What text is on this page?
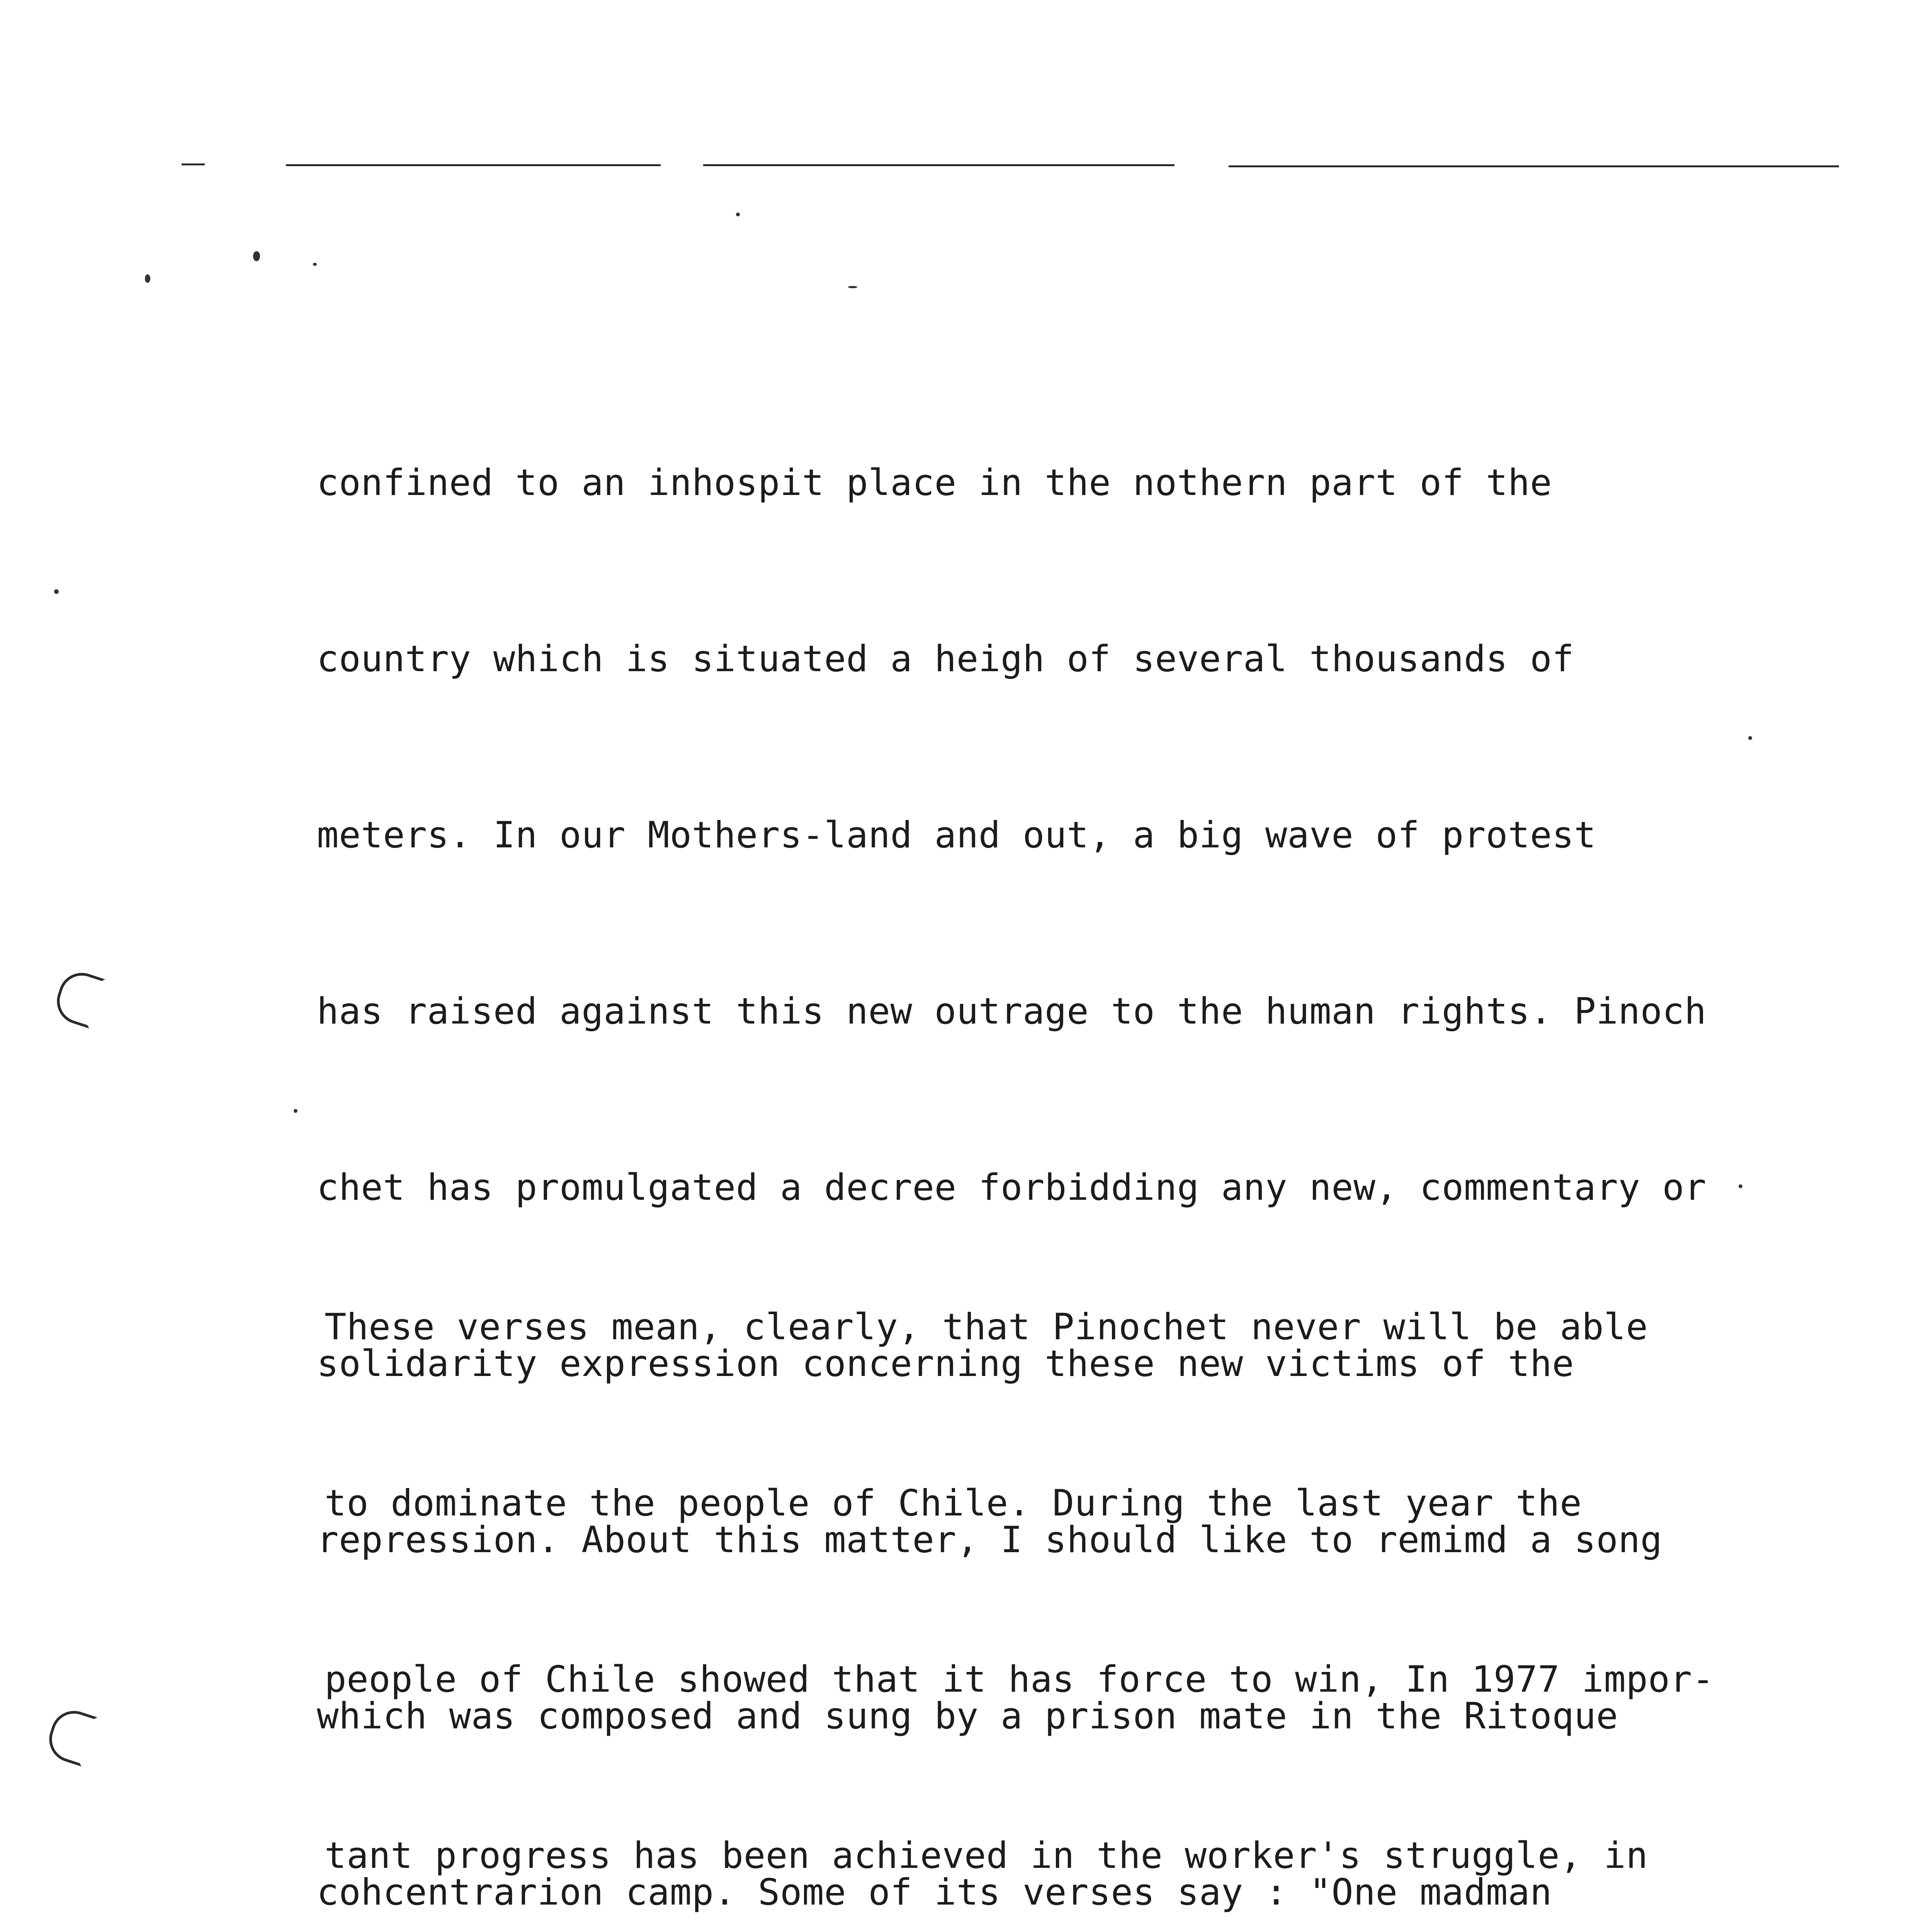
confined to an inhospit place in the nothern part of the

country which is situated a heigh of several thousands of

meters. In our Mothers-land and out, a big wave of protest

has raised against this new outrage to the human rights. Pinoch

chet has promulgated a decree forbidding any new, commentary or

solidarity expression concerning these new victims of the

repression. About this matter, I should like to remimd a song

which was composed and sung by a prison mate in the Ritoque

cohcentrarion camp. Some of its verses say : "One madman

These verses mean, clearly, that Pinochet never will be able

to dominate the people of Chile. During the last year the

people of Chile showed that it has force to win, In 1977 impor-

tant progress has been achieved in the worker's struggle, in
